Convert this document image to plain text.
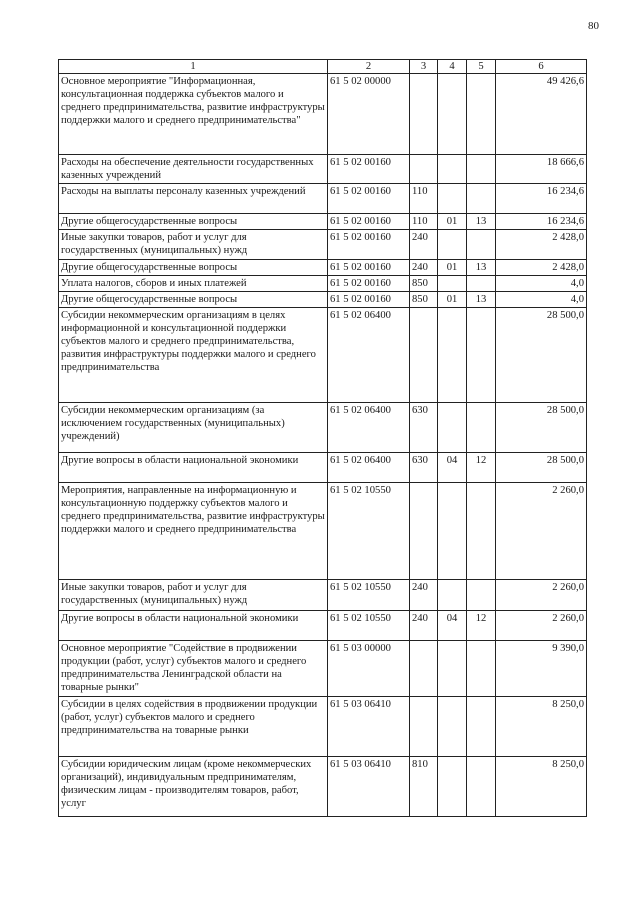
80
1	2	3	4	5	6
Основное мероприятие "Информационная, консультационная поддержка субъектов малого и среднего предпринимательства, развитие инфраструктуры поддержки малого и среднего предпринимательства"	61 5 02 00000				49 426,6
Расходы на обеспечение деятельности государственных казенных учреждений	61 5 02 00160				18 666,6
Расходы на выплаты персоналу казенных учреждений	61 5 02 00160	110			16 234,6
Другие общегосударственные вопросы	61 5 02 00160	110	01	13	16 234,6
Иные закупки товаров, работ и услуг для государственных (муниципальных) нужд	61 5 02 00160	240			2 428,0
Другие общегосударственные вопросы	61 5 02 00160	240	01	13	2 428,0
Уплата налогов, сборов и иных платежей	61 5 02 00160	850			4,0
Другие общегосударственные вопросы	61 5 02 00160	850	01	13	4,0
Субсидии некоммерческим организациям в целях информационной и консультационной поддержки субъектов малого и среднего предпринимательства, развития инфраструктуры поддержки малого и среднего предпринимательства	61 5 02 06400				28 500,0
Субсидии некоммерческим организациям (за исключением государственных (муниципальных) учреждений)	61 5 02 06400	630			28 500,0
Другие вопросы в области национальной экономики	61 5 02 06400	630	04	12	28 500,0
Мероприятия, направленные на информационную и консультационную поддержку субъектов малого и среднего предпринимательства, развитие инфраструктуры поддержки малого и среднего предпринимательства	61 5 02 10550				2 260,0
Иные закупки товаров, работ и услуг для государственных (муниципальных) нужд	61 5 02 10550	240			2 260,0
Другие вопросы в области национальной экономики	61 5 02 10550	240	04	12	2 260,0
Основное мероприятие "Содействие в продвижении продукции (работ, услуг) субъектов малого и среднего предпринимательства Ленинградской области на товарные рынки"	61 5 03 00000				9 390,0
Субсидии в целях содействия в продвижении продукции (работ, услуг) субъектов малого и среднего предпринимательства на товарные рынки	61 5 03 06410				8 250,0
Субсидии юридическим лицам (кроме некоммерческих организаций), индивидуальным предпринимателям, физическим лицам - производителям товаров, работ, услуг	61 5 03 06410	810			8 250,0
